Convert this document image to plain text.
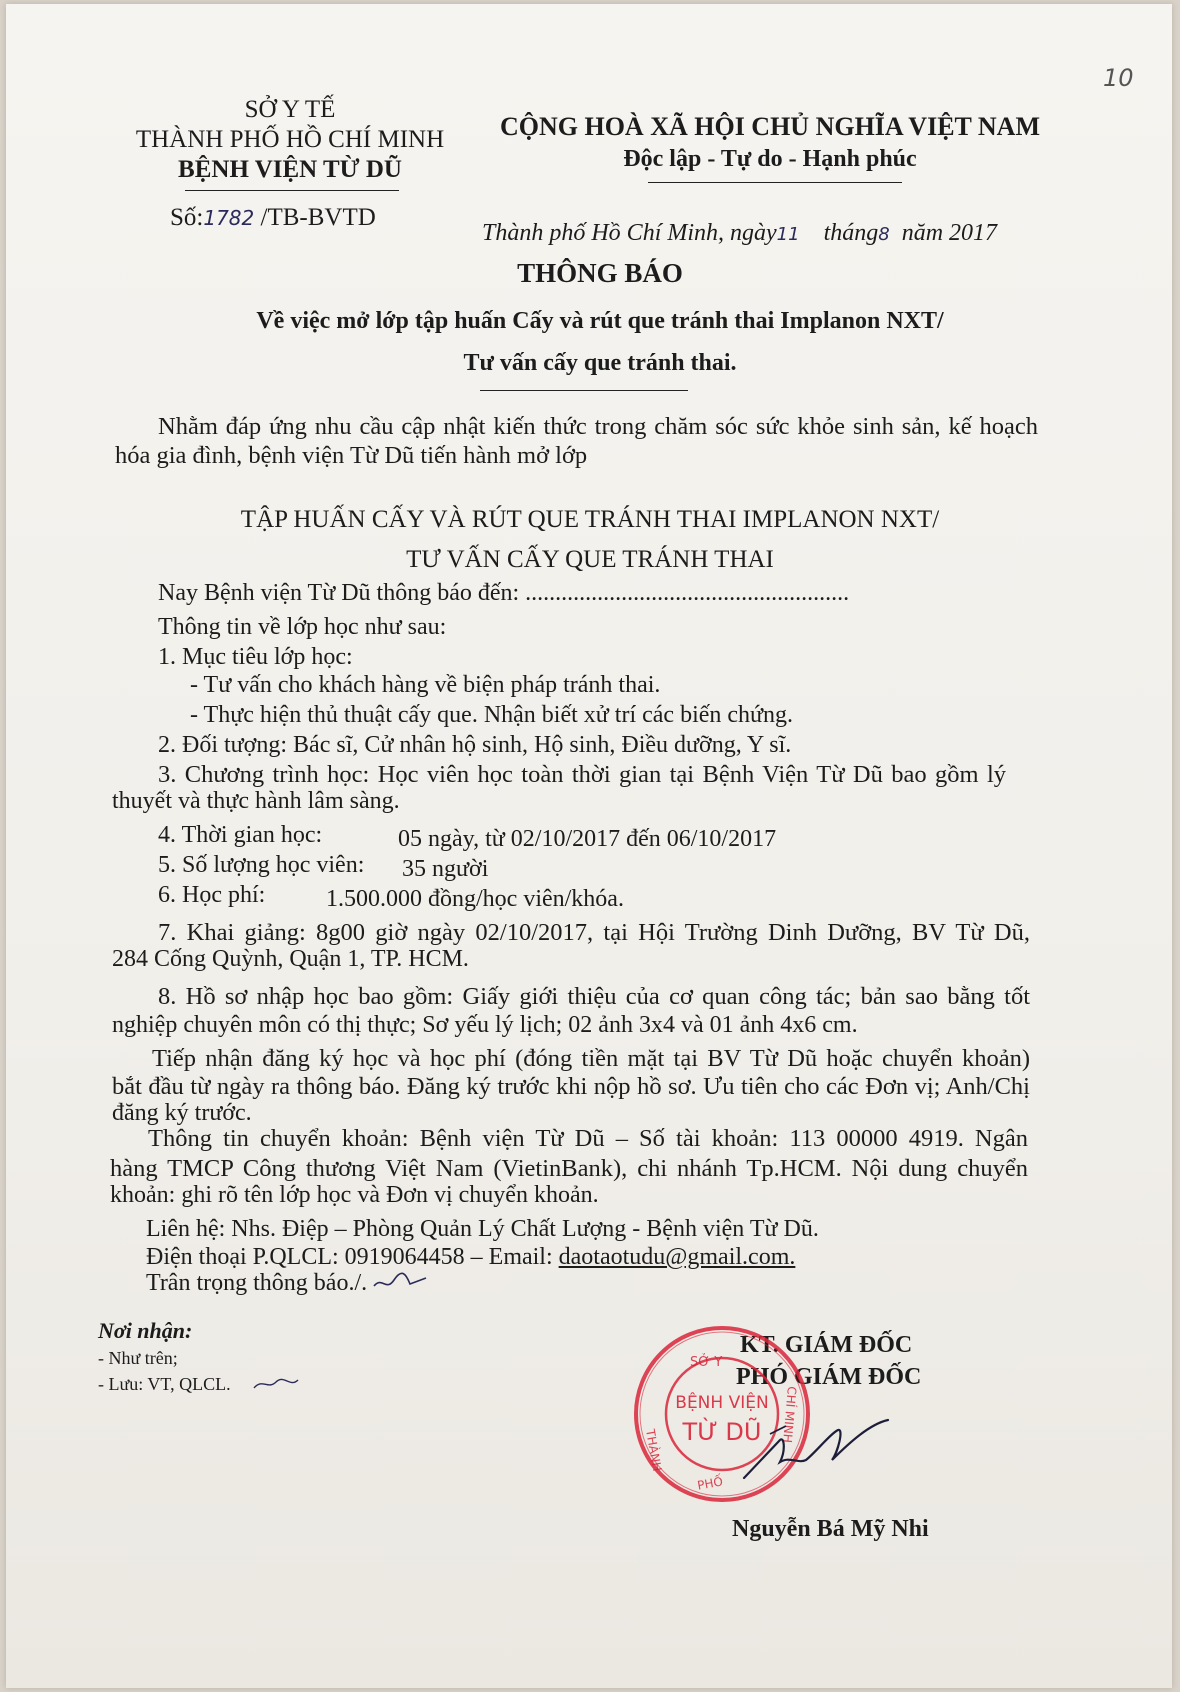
10
SỞ Y TẾ
THÀNH PHỐ HỒ CHÍ MINH
BỆNH VIỆN TỪ DŨ
Số:1782 /TB-BVTD
CỘNG HOÀ XÃ HỘI CHỦ NGHĨA VIỆT NAM
Độc lập - Tự do - Hạnh phúc
Thành phố Hồ Chí Minh, ngày11 tháng8 năm 2017
THÔNG BÁO
Về việc mở lớp tập huấn Cấy và rút que tránh thai Implanon NXT/
Tư vấn cấy que tránh thai.
Nhằm đáp ứng nhu cầu cập nhật kiến thức trong chăm sóc sức khỏe sinh sản, kế hoạch
hóa gia đình, bệnh viện Từ Dũ tiến hành mở lớp
TẬP HUẤN CẤY VÀ RÚT QUE TRÁNH THAI IMPLANON NXT/
TƯ VẤN CẤY QUE TRÁNH THAI
Nay Bệnh viện Từ Dũ thông báo đến: ......................................................
Thông tin về lớp học như sau:
1. Mục tiêu lớp học:
- Tư vấn cho khách hàng về biện pháp tránh thai.
- Thực hiện thủ thuật cấy que. Nhận biết xử trí các biến chứng.
2. Đối tượng: Bác sĩ, Cử nhân hộ sinh, Hộ sinh, Điều dưỡng, Y sĩ.
3. Chương trình học: Học viên học toàn thời gian tại Bệnh Viện Từ Dũ bao gồm lý
thuyết và thực hành lâm sàng.
4. Thời gian học:	05 ngày, từ 02/10/2017 đến 06/10/2017
5. Số lượng học viên: 35 người
6. Học phí:	1.500.000 đồng/học viên/khóa.
7. Khai giảng: 8g00 giờ ngày 02/10/2017, tại Hội Trường Dinh Dưỡng, BV Từ Dũ,
284 Cống Quỳnh, Quận 1, TP. HCM.
8. Hồ sơ nhập học bao gồm: Giấy giới thiệu của cơ quan công tác; bản sao bằng tốt
nghiệp chuyên môn có thị thực; Sơ yếu lý lịch; 02 ảnh 3x4 và 01 ảnh 4x6 cm.
Tiếp nhận đăng ký học và học phí (đóng tiền mặt tại BV Từ Dũ hoặc chuyển khoản)
bắt đầu từ ngày ra thông báo. Đăng ký trước khi nộp hồ sơ. Ưu tiên cho các Đơn vị; Anh/Chị
đăng ký trước.
Thông tin chuyển khoản: Bệnh viện Từ Dũ – Số tài khoản: 113 00000 4919. Ngân
hàng TMCP Công thương Việt Nam (VietinBank), chi nhánh Tp.HCM. Nội dung chuyển
khoản: ghi rõ tên lớp học và Đơn vị chuyển khoản.
Liên hệ: Nhs. Điệp – Phòng Quản Lý Chất Lượng - Bệnh viện Từ Dũ.
Điện thoại P.QLCL: 0919064458 – Email: daotaotudu@gmail.com.
Trân trọng thông báo./.
Nơi nhận:
- Như trên;
- Lưu: VT, QLCL.
KT. GIÁM ĐỐC
PHÓ GIÁM ĐỐC
SỞ Y
THÀNH
PHỐ
CHÍ MINH
BỆNH VIỆN
TỪ DŨ
Nguyễn Bá Mỹ Nhi
